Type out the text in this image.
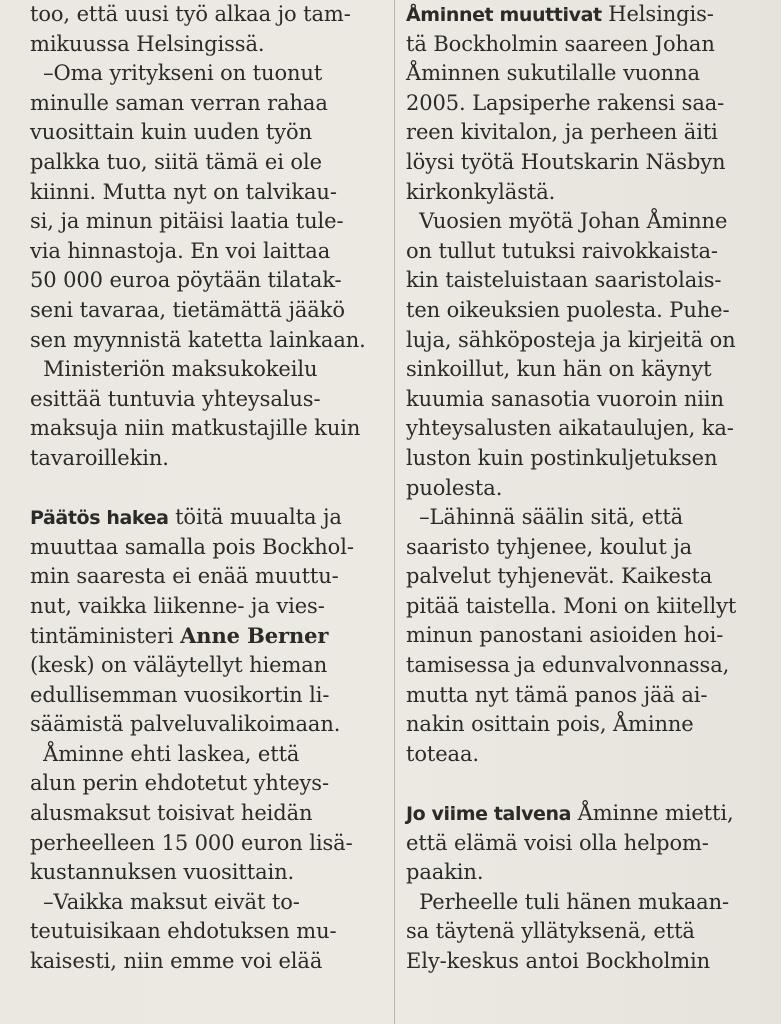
too, että uusi työ alkaa jo tam-
mikuussa Helsingissä.
–Oma yritykseni on tuonut
minulle saman verran rahaa
vuosittain kuin uuden työn
palkka tuo, siitä tämä ei ole
kiinni. Mutta nyt on talvikau-
si, ja minun pitäisi laatia tule-
via hinnastoja. En voi laittaa
50 000 euroa pöytään tilatak-
seni tavaraa, tietämättä jääkö
sen myynnistä katetta lainkaan.
Ministeriön maksukokeilu
esittää tuntuvia yhteysalus-
maksuja niin matkustajille kuin
tavaroillekin.
Päätös hakea töitä muualta ja
muuttaa samalla pois Bockhol-
min saaresta ei enää muuttu-
nut, vaikka liikenne- ja vies-
tintäministeri Anne Berner
(kesk) on väläytellyt hieman
edullisemman vuosikortin li-
säämistä palveluvalikoimaan.
Åminne ehti laskea, että
alun perin ehdotetut yhteys-
alusmaksut toisivat heidän
perheelleen 15 000 euron lisä-
kustannuksen vuosittain.
–Vaikka maksut eivät to-
teutuisikaan ehdotuksen mu-
kaisesti, niin emme voi elää
Åminnet muuttivat Helsingis-
tä Bockholmin saareen Johan
Åminnen sukutilalle vuonna
2005. Lapsiperhe rakensi saa-
reen kivitalon, ja perheen äiti
löysi työtä Houtskarin Näsbyn
kirkonkylästä.
Vuosien myötä Johan Åminne
on tullut tutuksi raivokkaista-
kin taisteluistaan saaristolais-
ten oikeuksien puolesta. Puhe-
luja, sähköposteja ja kirjeitä on
sinkoillut, kun hän on käynyt
kuumia sanasotia vuoroin niin
yhteysalusten aikataulujen, ka-
luston kuin postinkuljetuksen
puolesta.
–Lähinnä säälin sitä, että
saaristo tyhjenee, koulut ja
palvelut tyhjenevät. Kaikesta
pitää taistella. Moni on kiitellyt
minun panostani asioiden hoi-
tamisessa ja edunvalvonnassa,
mutta nyt tämä panos jää ai-
nakin osittain pois, Åminne
toteaa.
Jo viime talvena Åminne mietti,
että elämä voisi olla helpom-
paakin.
Perheelle tuli hänen mukaan-
sa täytenä yllätyksenä, että
Ely-keskus antoi Bockholmin
